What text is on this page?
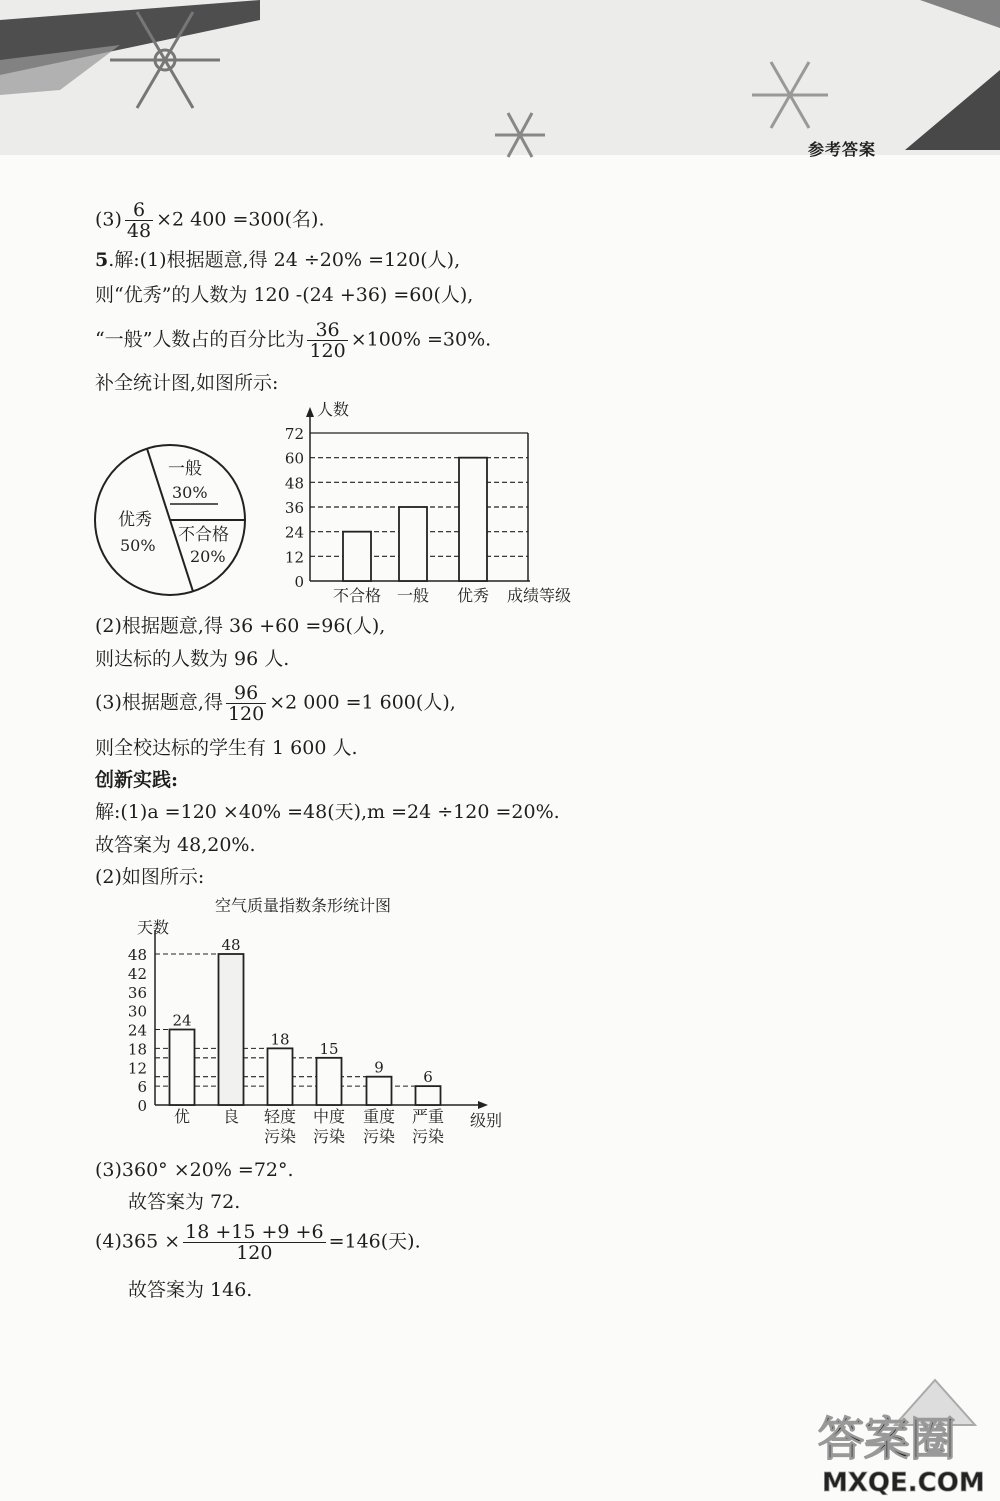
参考答案
$(3) \frac{6}{48} \times 2$ 400 =300(名).
5.解:(1)根据题意,得 24 ÷20% =120(人),
则“优秀”的人数为 120 -(24 +36) =60(人),
“一般”人数占的百分比为 $\frac{36}{120} \times 100\% =30\%$.
补全统计图,如图所示:
一般
30%
不合格
20%
优秀
50%
人数
0
12
24
36
48
60
72
不合格 一般 优秀 成绩等级
(2)根据题意,得 36 +60 =96(人),
则达标的人数为 96 人.
(3)根据题意,得 $\frac{96}{120} \times 2$ 000 =1 600(人),
则全校达标的学生有 1 600 人.
创新实践:
解:(1)a =120 ×40% =48(天),m =24 ÷120 =20%.
故答案为 48,20%.
(2)如图所示:
空气质量指数条形统计图
天数
0
6
12
18
24
30
36
42
48
24
48
18
15
9
6
优 良 轻度
污染
中度
污染
重度
污染
严重
污染
级别
(3)360° ×20% =72°.
故答案为 72.
$(4)365 \times \frac{18 +15 +9 +6}{120} =146$(天).
故答案为 146.
答案圈
MXQE.COM
